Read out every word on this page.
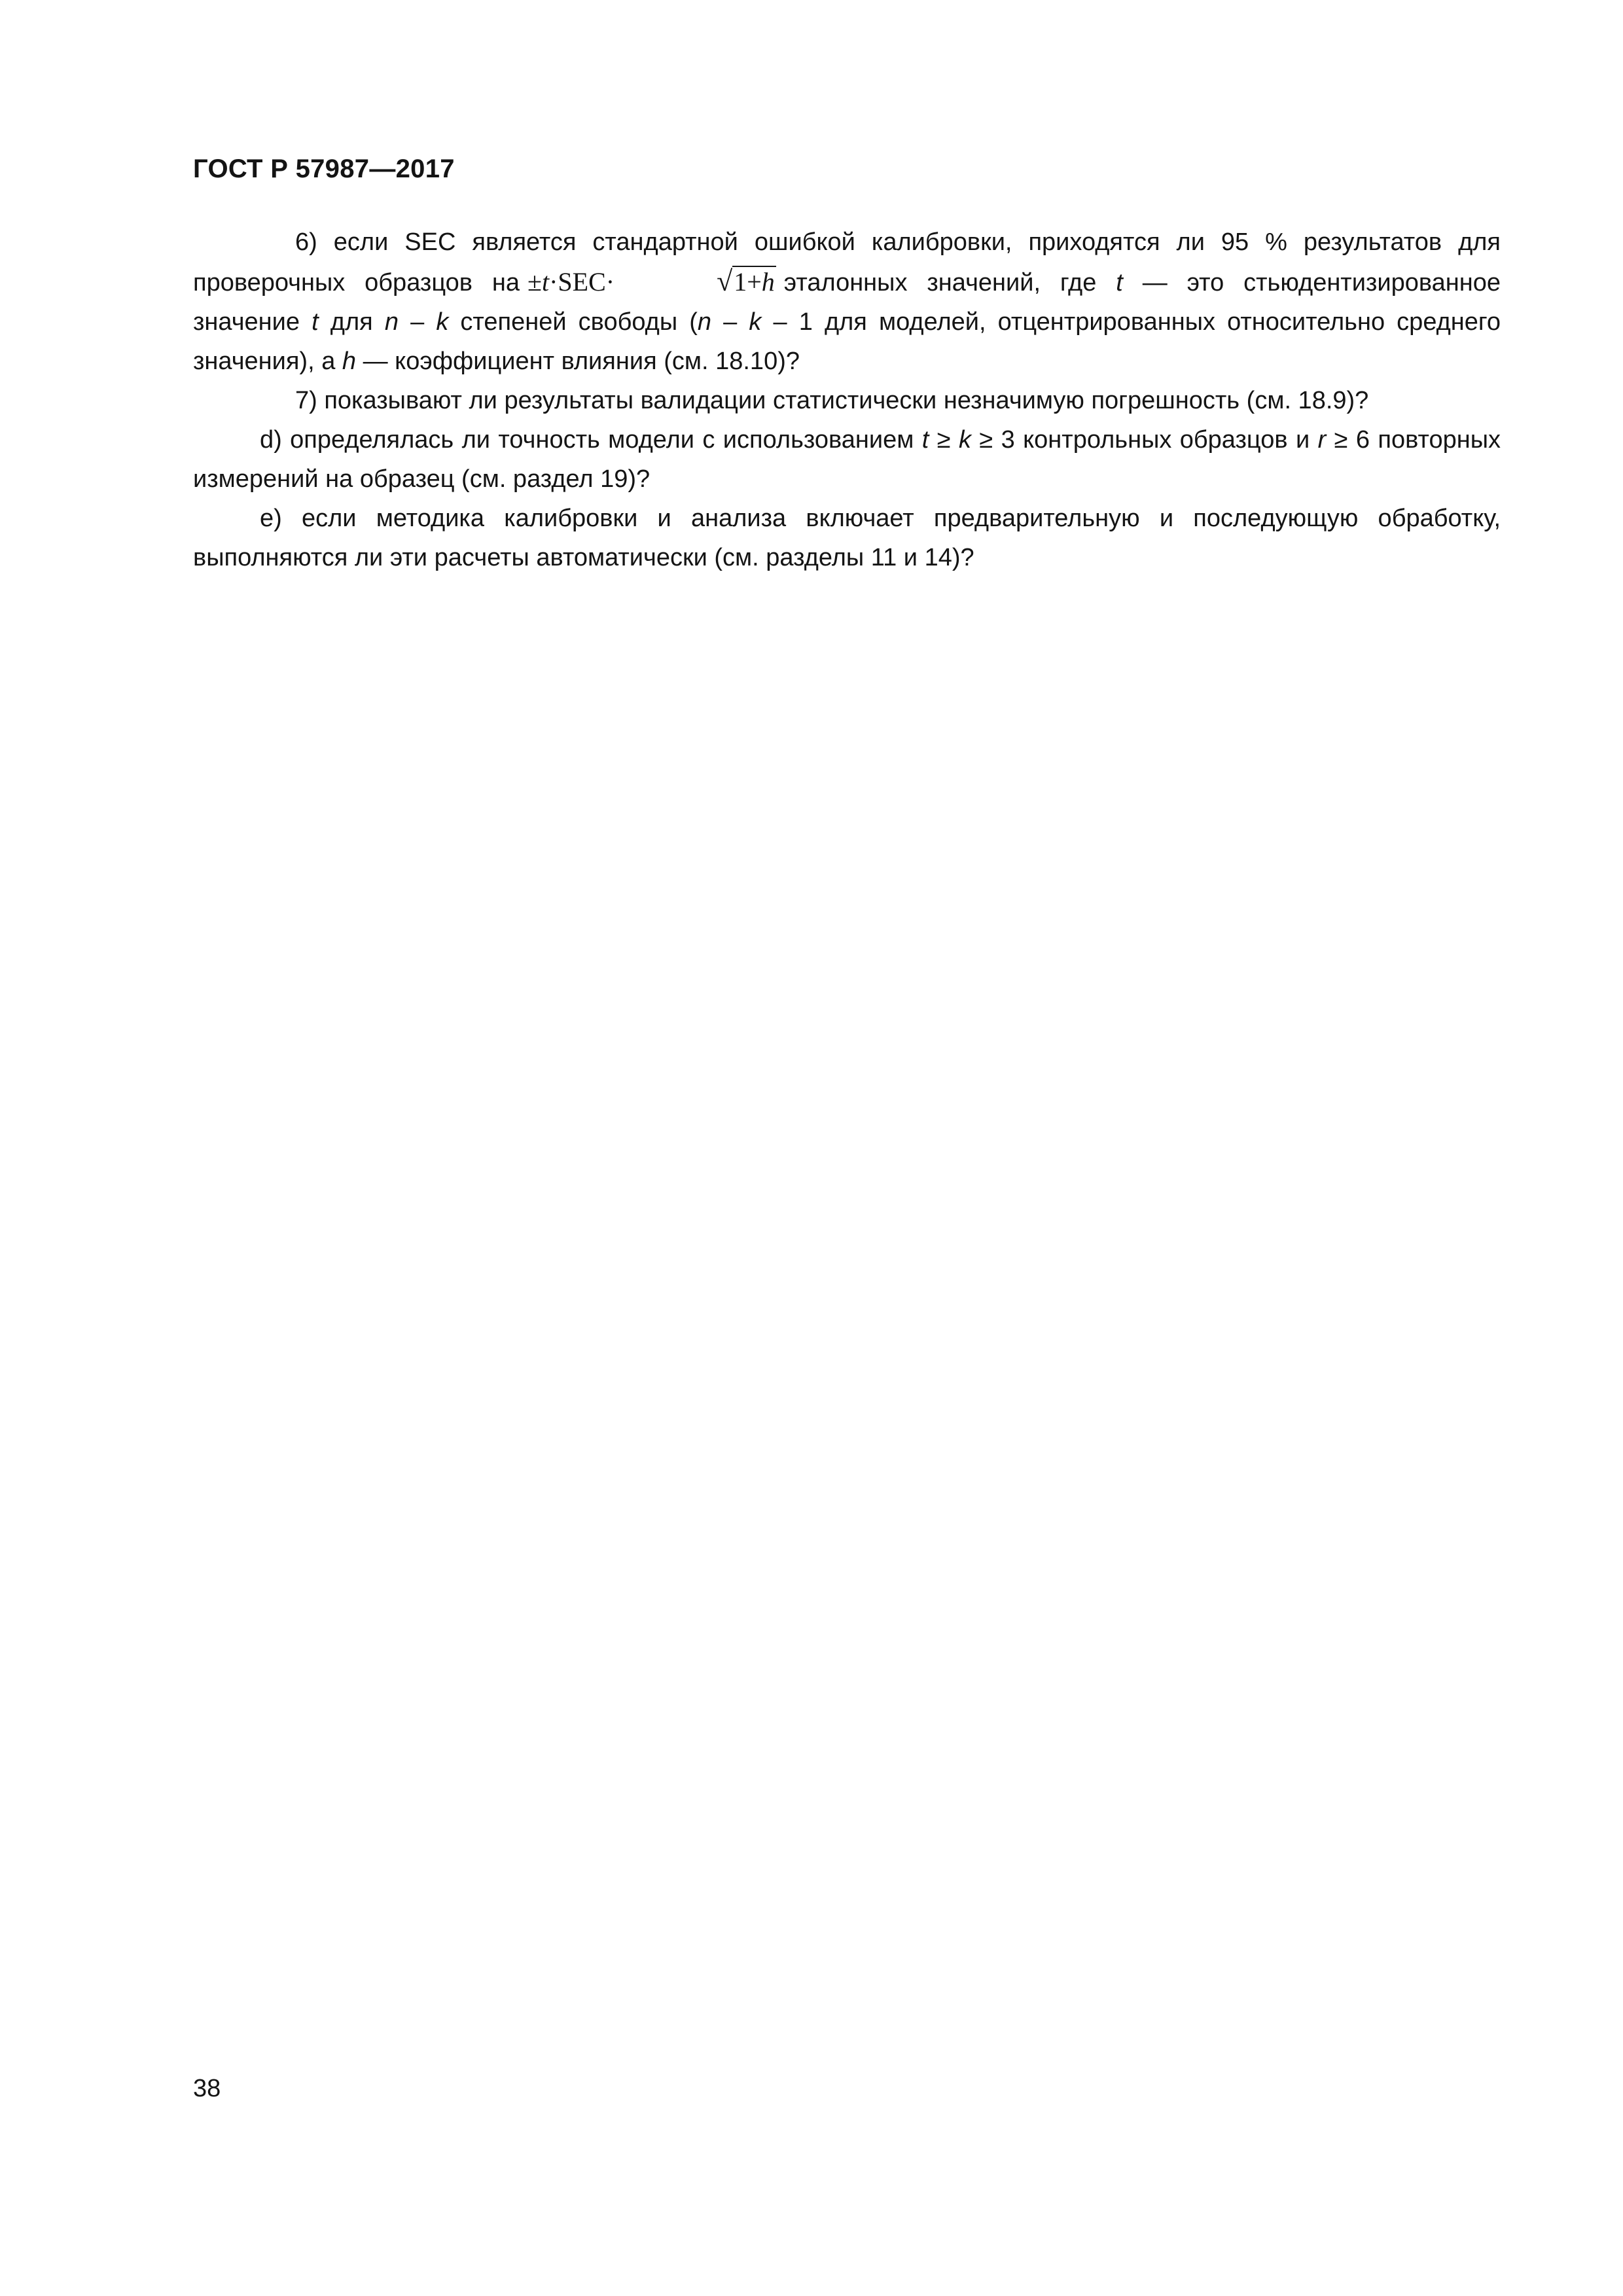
ГОСТ Р 57987—2017

6) если SEC является стандартной ошибкой калибровки, приходятся ли 95 % результатов для проверочных образцов на ±t·SEC·	√1+h эталонных значений, где t — это стьюдентизированное значение t для n – k степеней свободы (n – k – 1 для моделей, отцентрированных относительно среднего значения), а h — коэффициент влияния (см. 18.10)?

7) показывают ли результаты валидации статистически незначимую погрешность (см. 18.9)?

d) определялась ли точность модели с использованием t ≥ k ≥ 3 контрольных образцов и r ≥ 6 повторных измерений на образец (см. раздел 19)?

e) если методика калибровки и анализа включает предварительную и последующую обработку, выполняются ли эти расчеты автоматически (см. разделы 11 и 14)?

38
